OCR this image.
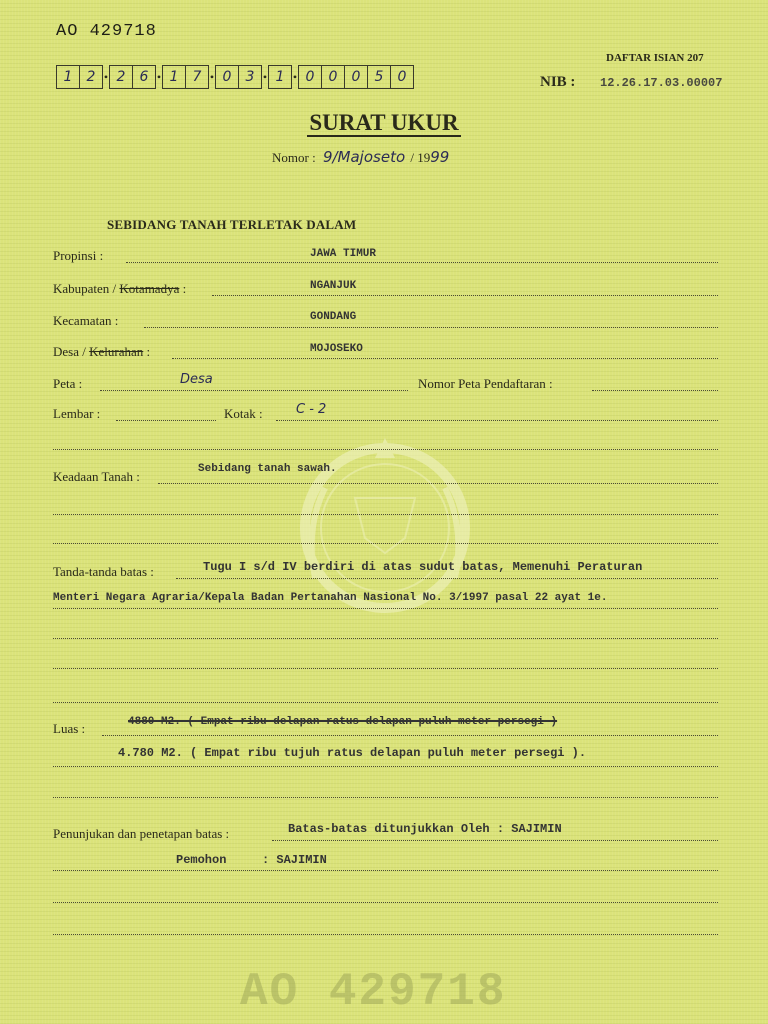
AO 429718
1	2 • 2	6 • 1	7 • 0	3 • 1 • 0	0	0	5	0
DAFTAR ISIAN 207
NIB : 12.26.17.03.00007
SURAT UKUR
Nomor : 9/Majoseto / 1999
SEBIDANG TANAH TERLETAK DALAM
Propinsi :	JAWA TIMUR
Kabupaten / Kotamadya :	NGANJUK
Kecamatan :	GONDANG
Desa / Kelurahan :	MOJOSEKO
Peta :	Desa	Nomor Peta Pendaftaran :
Lembar :	Kotak :	C - 2
Keadaan Tanah :	Sebidang tanah sawah.
Tanda-tanda batas :	Tugu I s/d IV berdiri di atas sudut batas, Memenuhi Peraturan
Menteri Negara Agraria/Kepala Badan Pertanahan Nasional No. 3/1997 pasal 22 ayat 1e.
Luas :	4880 M2. ( Empat ribu delapan ratus delapan puluh meter persegi )
4.780 M2. ( Empat ribu tujuh ratus delapan puluh meter persegi ).
Penunjukan dan penetapan batas :	Batas-batas ditunjukkan Oleh : SAJIMIN
Pemohon	: SAJIMIN
AO 429718
